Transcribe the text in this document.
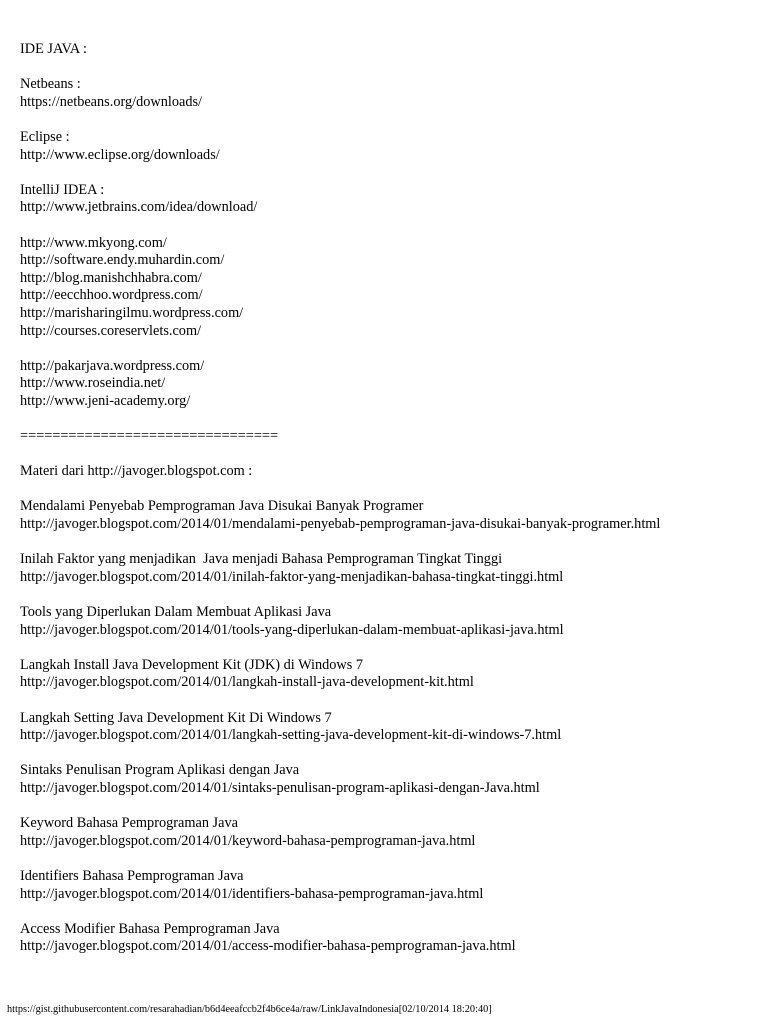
IDE JAVA :
Netbeans :
https://netbeans.org/downloads/
Eclipse :
http://www.eclipse.org/downloads/
IntelliJ IDEA :
http://www.jetbrains.com/idea/download/
http://www.mkyong.com/
http://software.endy.muhardin.com/
http://blog.manishchhabra.com/
http://eecchhoo.wordpress.com/
http://marisharingilmu.wordpress.com/
http://courses.coreservlets.com/
http://pakarjava.wordpress.com/
http://www.roseindia.net/
http://www.jeni-academy.org/
================================
Materi dari http://javoger.blogspot.com :
Mendalami Penyebab Pemprograman Java Disukai Banyak Programer
http://javoger.blogspot.com/2014/01/mendalami-penyebab-pemprograman-java-disukai-banyak-programer.html
Inilah Faktor yang menjadikan  Java menjadi Bahasa Pemprograman Tingkat Tinggi
http://javoger.blogspot.com/2014/01/inilah-faktor-yang-menjadikan-bahasa-tingkat-tinggi.html
Tools yang Diperlukan Dalam Membuat Aplikasi Java
http://javoger.blogspot.com/2014/01/tools-yang-diperlukan-dalam-membuat-aplikasi-java.html
Langkah Install Java Development Kit (JDK) di Windows 7
http://javoger.blogspot.com/2014/01/langkah-install-java-development-kit.html
Langkah Setting Java Development Kit Di Windows 7
http://javoger.blogspot.com/2014/01/langkah-setting-java-development-kit-di-windows-7.html
Sintaks Penulisan Program Aplikasi dengan Java
http://javoger.blogspot.com/2014/01/sintaks-penulisan-program-aplikasi-dengan-Java.html
Keyword Bahasa Pemprograman Java
http://javoger.blogspot.com/2014/01/keyword-bahasa-pemprograman-java.html
Identifiers Bahasa Pemprograman Java
http://javoger.blogspot.com/2014/01/identifiers-bahasa-pemprograman-java.html
Access Modifier Bahasa Pemprograman Java
http://javoger.blogspot.com/2014/01/access-modifier-bahasa-pemprograman-java.html
https://gist.githubusercontent.com/resarahadian/b6d4eeafccb2f4b6ce4a/raw/LinkJavaIndonesia[02/10/2014 18:20:40]
